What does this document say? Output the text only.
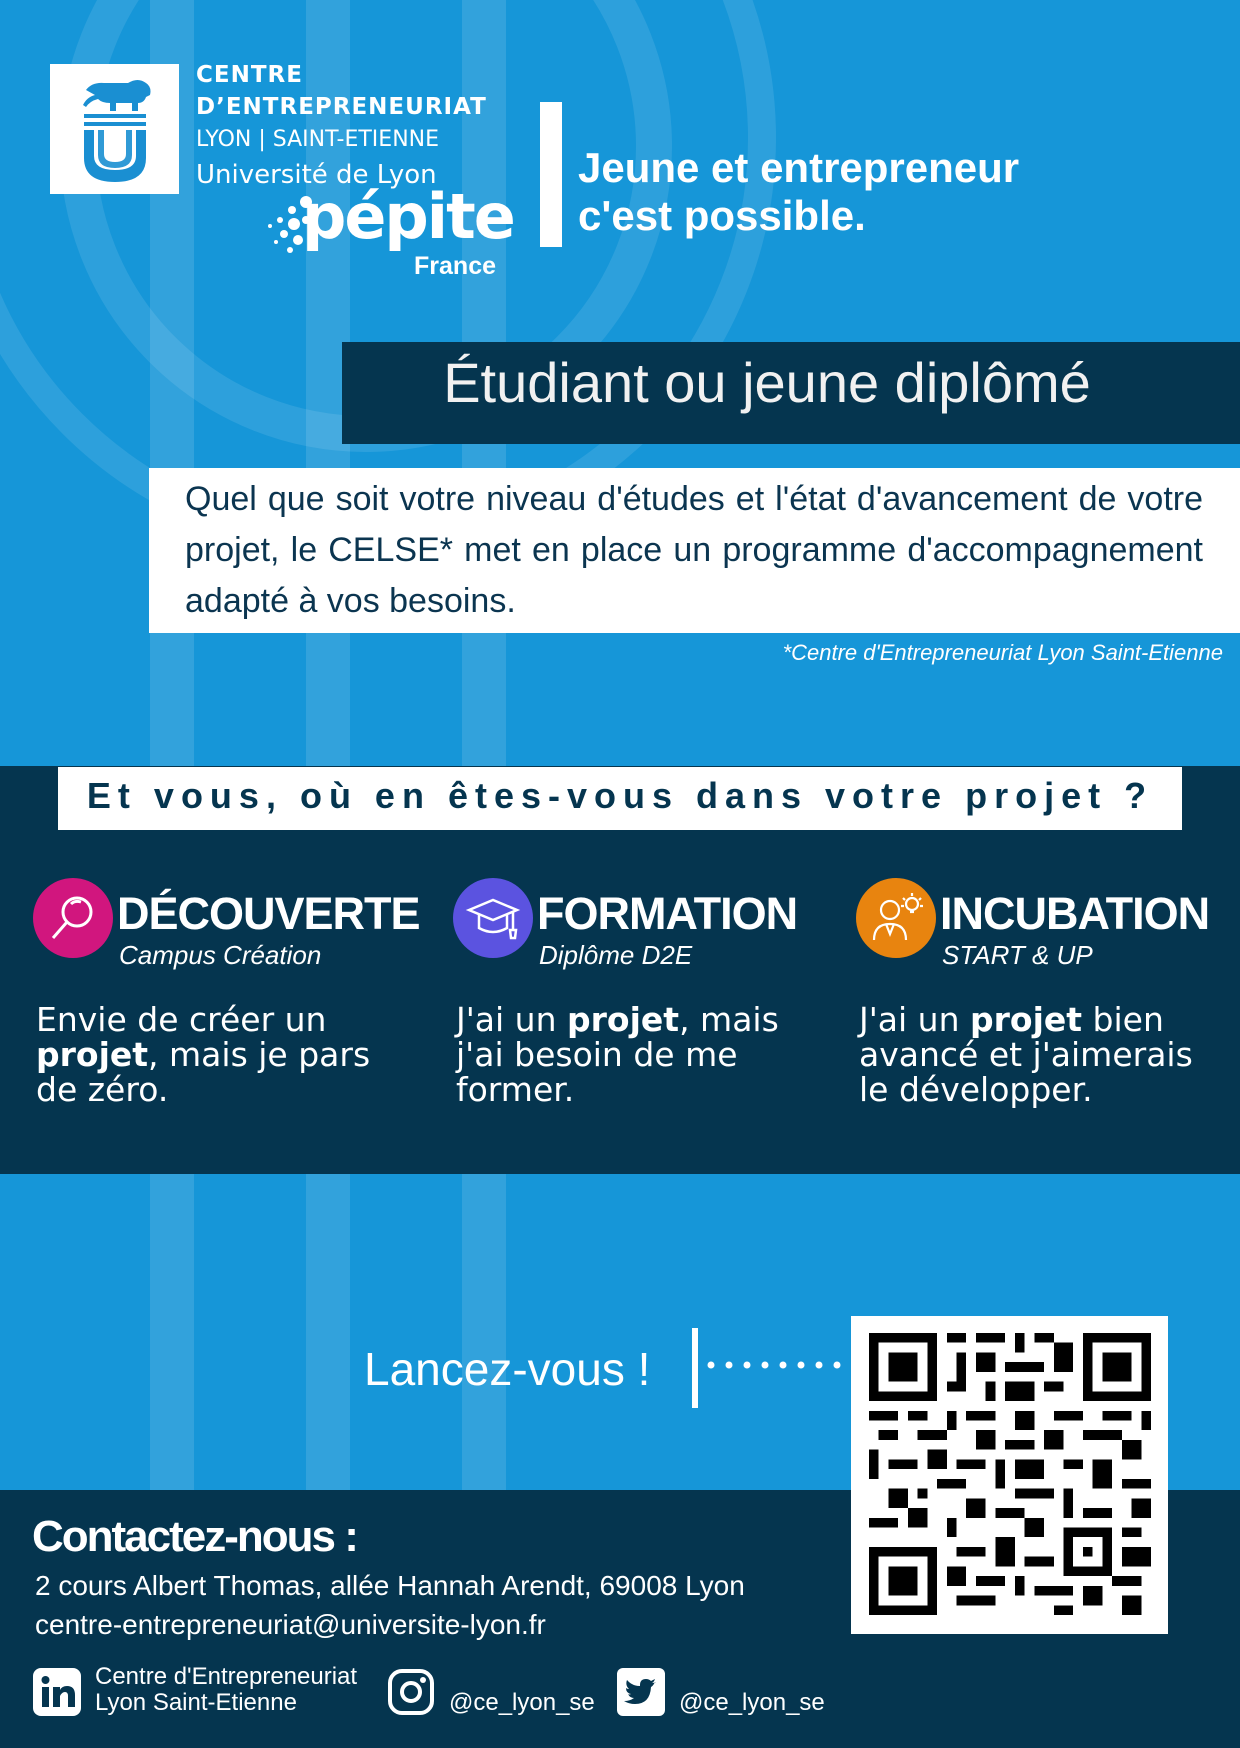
CENTRE
D’ENTREPRENEURIAT
LYON | SAINT-ETIENNE
Université de Lyon
pépite
France
Jeune et entrepreneur
c'est possible.
Étudiant ou jeune diplômé
Quel que soit votre niveau d'études et l'état d'avancement de votre projet, le CELSE* met en place un programme d'accompagnement adapté à vos besoins.
*Centre d'Entrepreneuriat Lyon Saint-Etienne
Et vous, où en êtes-vous dans votre projet ?
DÉCOUVERTE
Campus Création
Envie de créer un projet, mais je pars de zéro.
FORMATION
Diplôme D2E
J'ai un projet, mais j'ai besoin de me former.
INCUBATION
START & UP
J'ai un projet bien avancé et j'aimerais le développer.
Lancez-vous !
Contactez-nous :
2 cours Albert Thomas, allée Hannah Arendt, 69008 Lyon
centre-entrepreneuriat@universite-lyon.fr
Centre d'Entrepreneuriat
Lyon Saint-Etienne	@ce_lyon_se	@ce_lyon_se
